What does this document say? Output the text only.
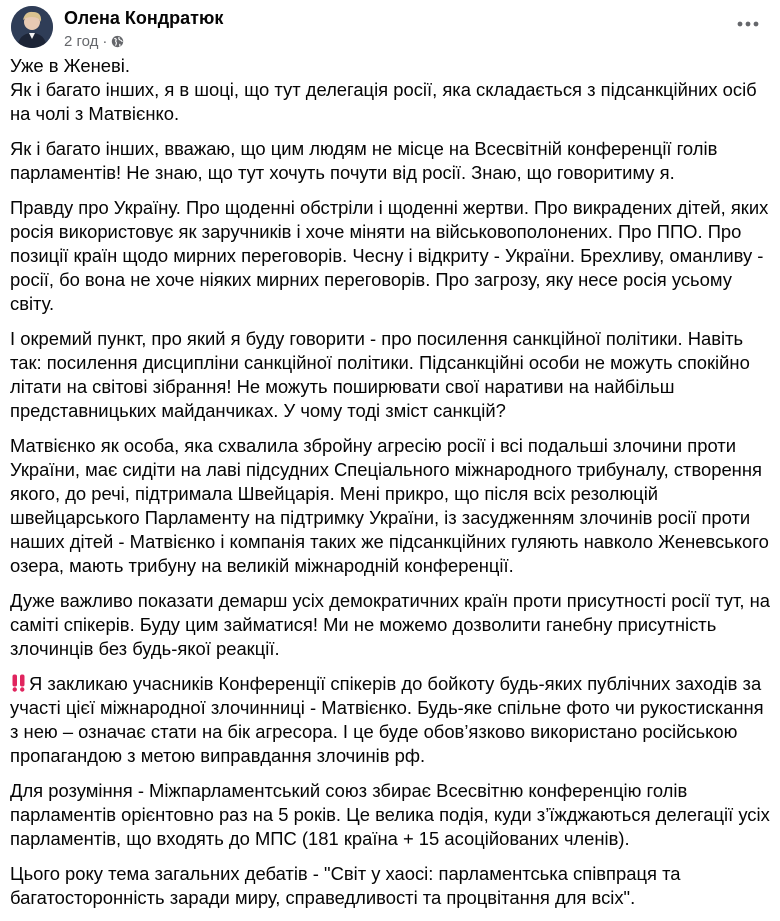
Олена Кондратюк
2 год ·

Уже в Женеві.
Як і багато інших, я в шоці, що тут делегація росії, яка складається з підсанкційних осіб на чолі з Матвієнко.

Як і багато інших, вважаю, що цим людям не місце на Всесвітній конференції голів парламентів! Не знаю, що тут хочуть почути від росії. Знаю, що говоритиму я.

Правду про Україну. Про щоденні обстріли і щоденні жертви. Про викрадених дітей, яких росія використовує як заручників і хоче міняти на військовополонених. Про ППО. Про позиції країн щодо мирних переговорів. Чесну і відкриту - України. Брехливу, оманливу - росії, бо вона не хоче ніяких мирних переговорів. Про загрозу, яку несе росія усьому світу.

І окремий пункт, про який я буду говорити - про посилення санкційної політики. Навіть так: посилення дисципліни санкційної політики. Підсанкційні особи не можуть спокійно літати на світові зібрання! Не можуть поширювати свої наративи на найбільш представницьких майданчиках. У чому тоді зміст санкцій?

Матвієнко як особа, яка схвалила збройну агресію росії і всі подальші злочини проти України, має сидіти на лаві підсудних Спеціального міжнародного трибуналу, створення якого, до речі, підтримала Швейцарія. Мені прикро, що після всіх резолюцій швейцарського Парламенту на підтримку України, із засудженням злочинів росії проти наших дітей - Матвієнко і компанія таких же підсанкційних гуляють навколо Женевського озера, мають трибуну на великій міжнародній конференції.

Дуже важливо показати демарш усіх демократичних країн проти присутності росії тут, на саміті спікерів. Буду цим займатися! Ми не можемо дозволити ганебну присутність злочинців без будь-якої реакції.

Я закликаю учасників Конференції спікерів до бойкоту будь-яких публічних заходів за участі цієї міжнародної злочинниці - Матвієнко. Будь-яке спільне фото чи рукостискання з нею – означає стати на бік агресора. І це буде обов’язково використано російською пропагандою з метою виправдання злочинів рф.

Для розуміння - Міжпарламентський союз збирає Всесвітню конференцію голів парламентів орієнтовно раз на 5 років. Це велика подія, куди з’їжджаються делегації усіх парламентів, що входять до МПС (181 країна + 15 асоційованих членів).

Цього року тема загальних дебатів - "Світ у хаосі: парламентська співпраця та багатосторонність заради миру, справедливості та процвітання для всіх".
